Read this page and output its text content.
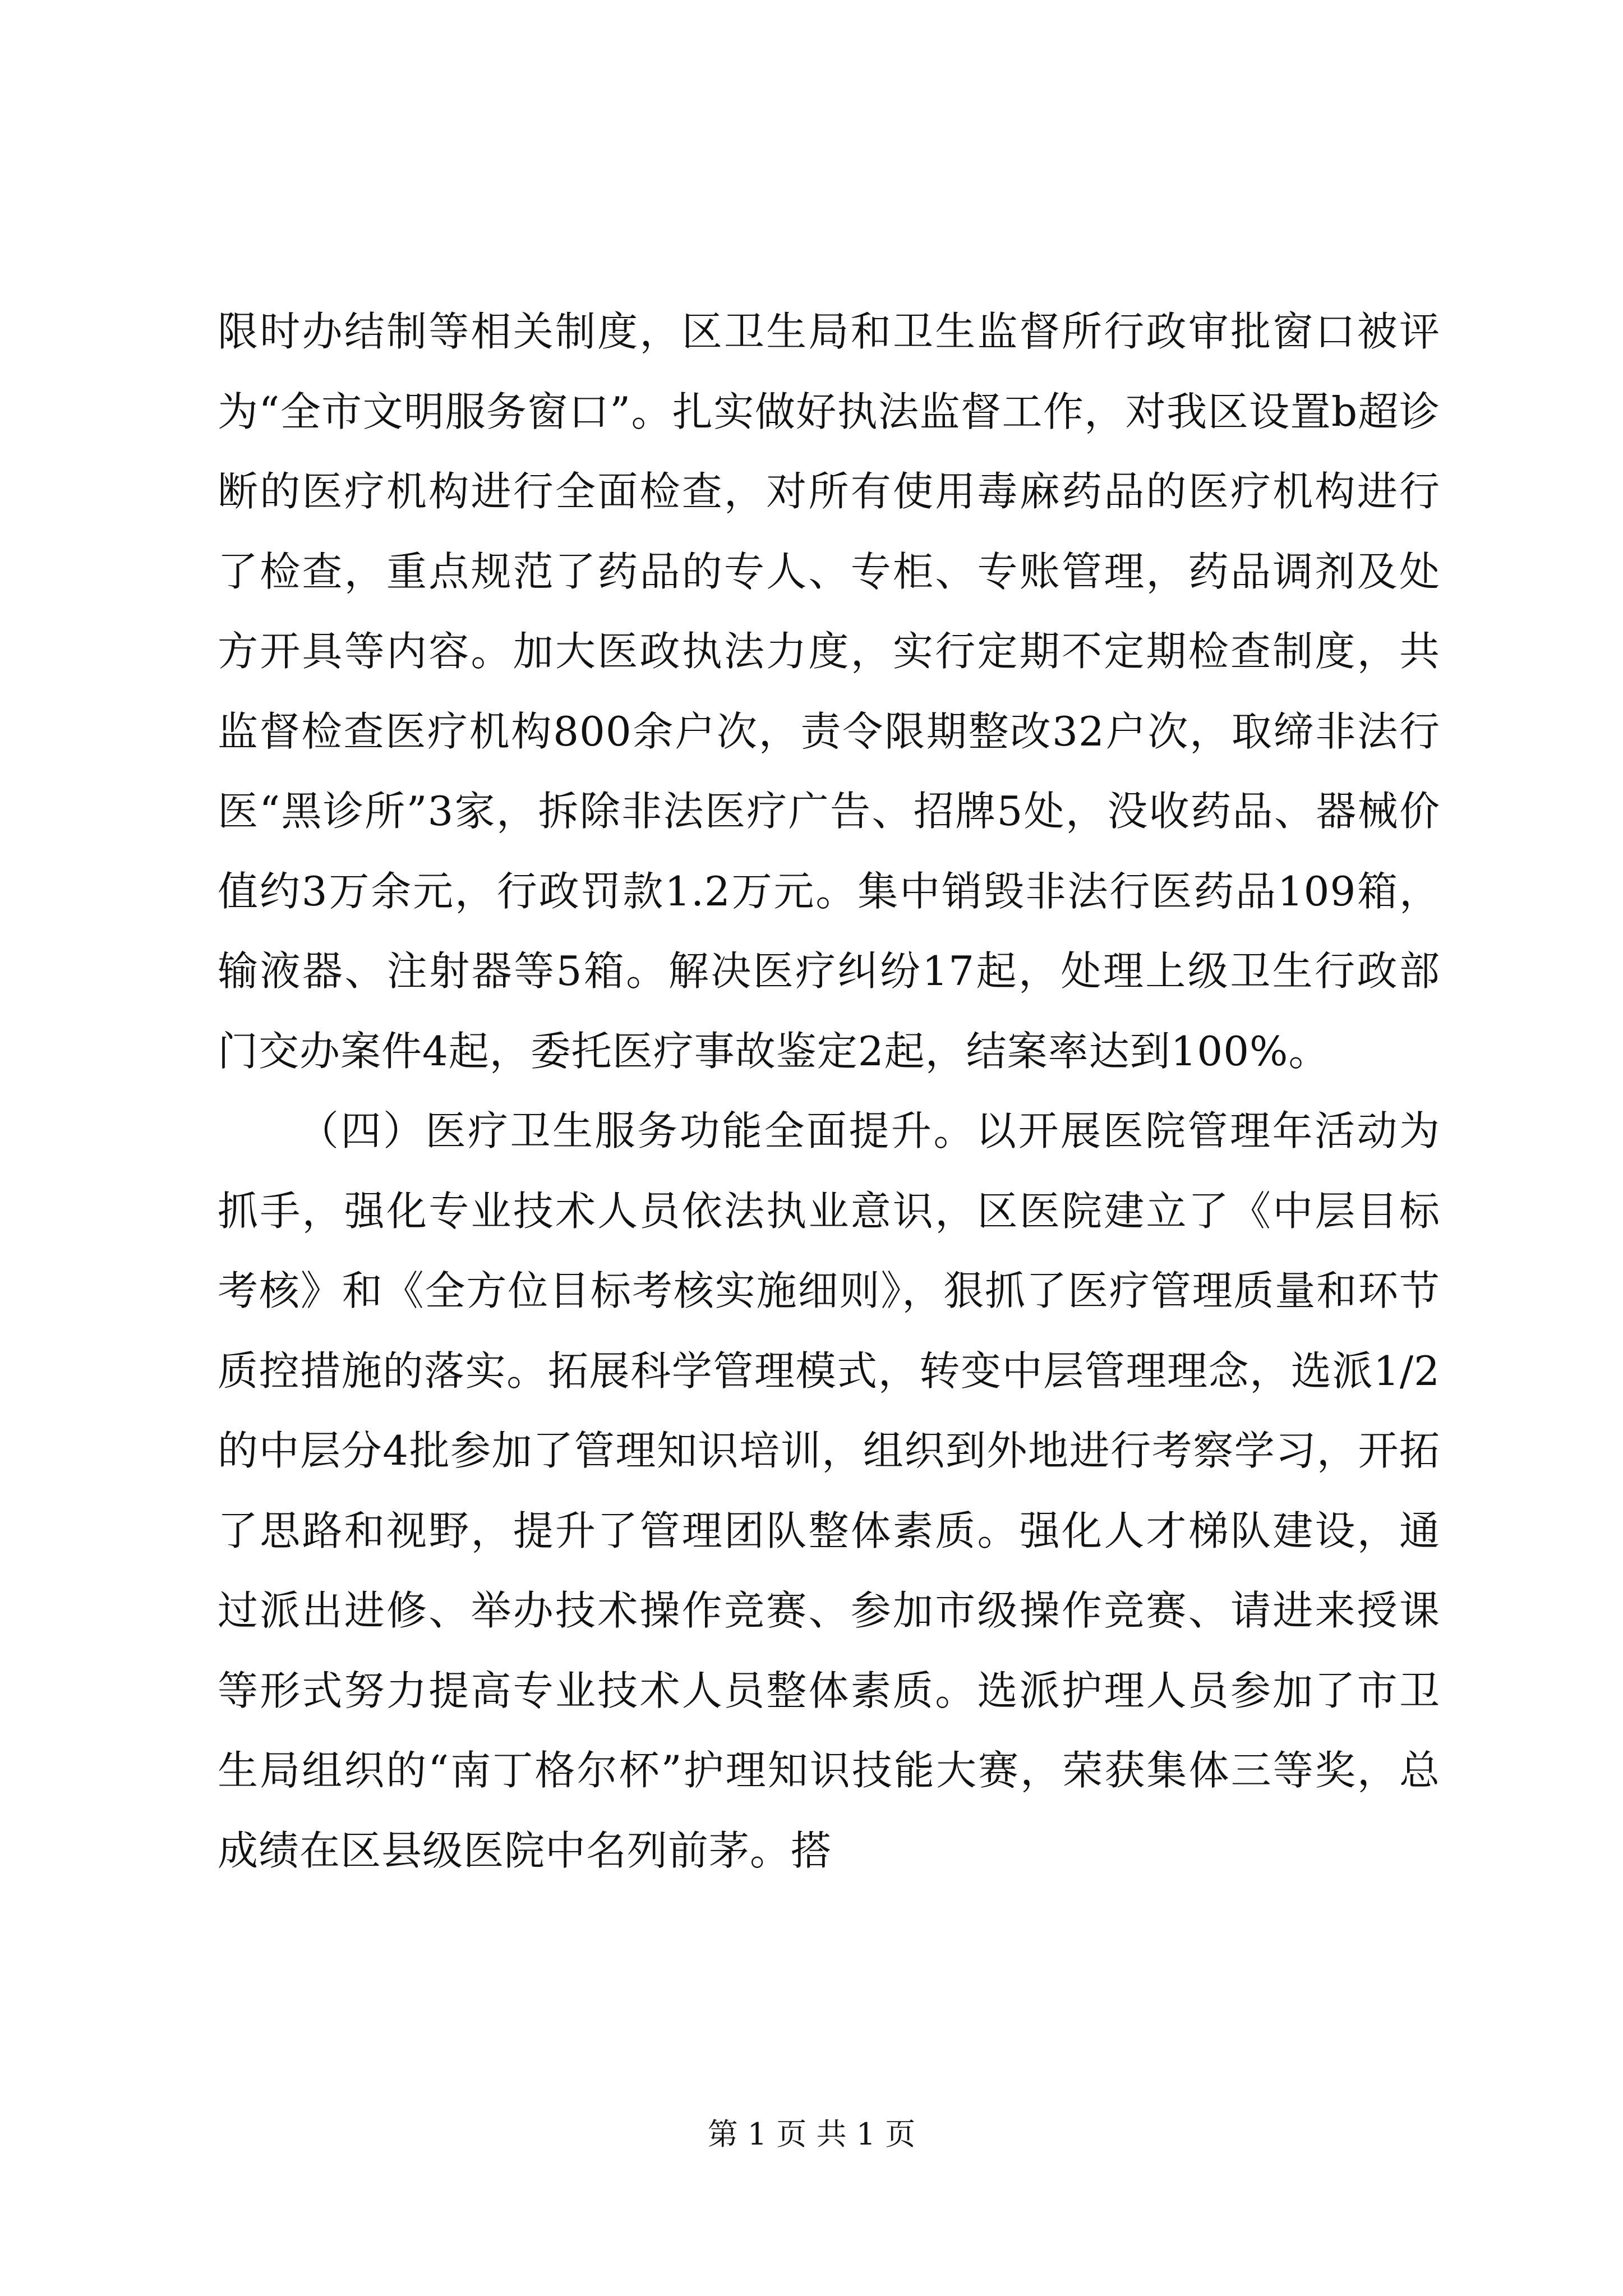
限时办结制等相关制度，区卫生局和卫生监督所行政审批窗口被评为“全市文明服务窗口”。扎实做好执法监督工作，对我区设置b超诊断的医疗机构进行全面检查，对所有使用毒麻药品的医疗机构进行了检查，重点规范了药品的专人、专柜、专账管理，药品调剂及处方开具等内容。加大医政执法力度，实行定期不定期检查制度，共监督检查医疗机构800余户次，责令限期整改32户次，取缔非法行医“黑诊所”3家，拆除非法医疗广告、招牌5处，没收药品、器械价值约3万余元，行政罚款1.2万元。集中销毁非法行医药品109箱，输液器、注射器等5箱。解决医疗纠纷17起，处理上级卫生行政部门交办案件4起，委托医疗事故鉴定2起，结案率达到100%。

（四）医疗卫生服务功能全面提升。以开展医院管理年活动为抓手，强化专业技术人员依法执业意识，区医院建立了《中层目标考核》和《全方位目标考核实施细则》，狠抓了医疗管理质量和环节质控措施的落实。拓展科学管理模式，转变中层管理理念，选派1/2的中层分4批参加了管理知识培训，组织到外地进行考察学习，开拓了思路和视野，提升了管理团队整体素质。强化人才梯队建设，通过派出进修、举办技术操作竞赛、参加市级操作竞赛、请进来授课等形式努力提高专业技术人员整体素质。选派护理人员参加了市卫生局组织的“南丁格尔杯”护理知识技能大赛，荣获集体三等奖，总成绩在区县级医院中名列前茅。搭

第 1 页 共 1 页
